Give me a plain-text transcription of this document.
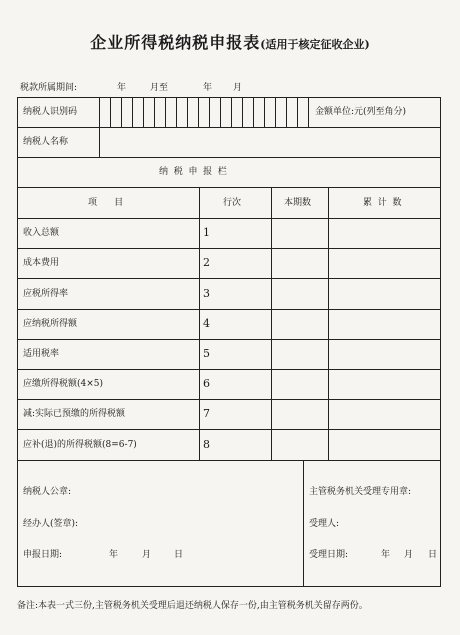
企业所得税纳税申报表(适用于核定征收企业)
税款所属期间:	年	月至	年 月
纳税人识别码	金额单位:元(列至角分)
纳税人名称
纳  税  申  报  栏
项      目	行次	本期数	累  计  数
收入总额	1
成本费用	2
应税所得率	3
应纳税所得额	4
适用税率	5
应缴所得税额(4×5)	6
减:实际已预缴的所得税额	7
应补(退)的所得税额(8=6-7)	8
纳税人公章:
经办人(签章):
申报日期:	年	月	日
主管税务机关受理专用章:
受理人:
受理日期:	年 月 日
备注:本表一式三份,主管税务机关受理后退还纳税人保存一份,由主管税务机关留存两份。
